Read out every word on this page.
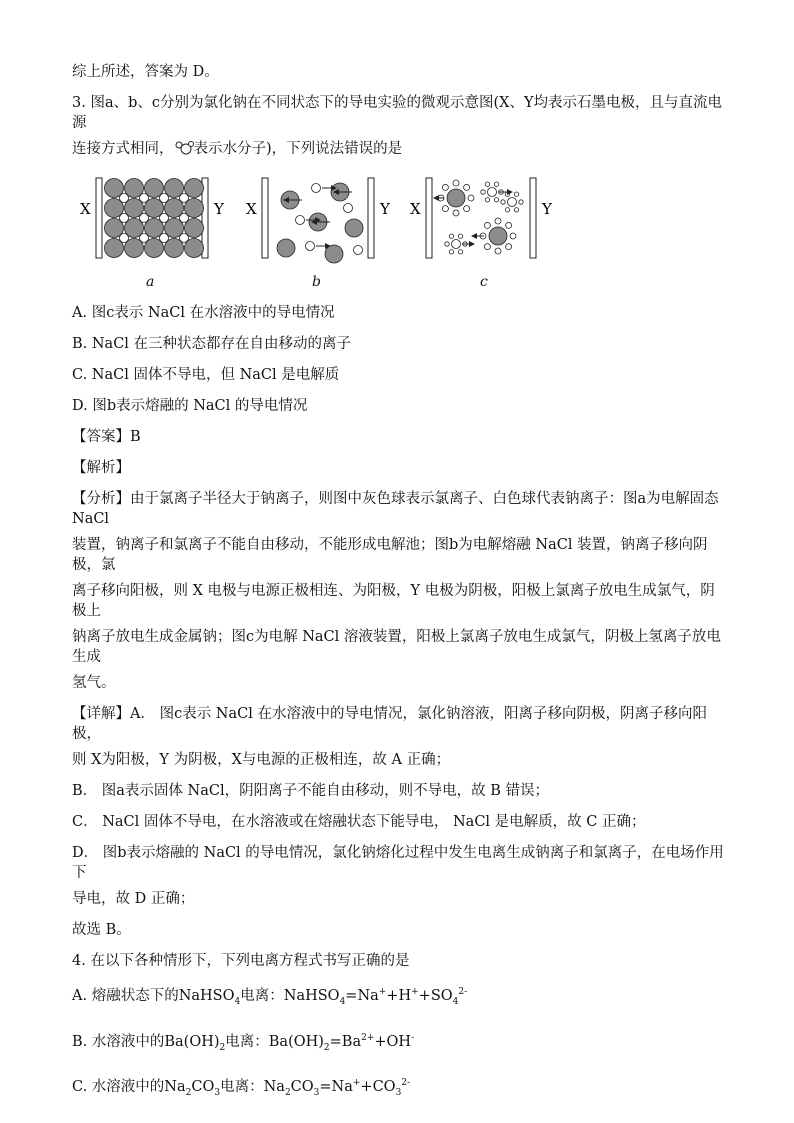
综上所述，答案为 D。

3. 图a、b、c分别为氯化钠在不同状态下的导电实验的微观示意图(X、Y均表示石墨电极，且与直流电源

连接方式相同， 表示水分子)，下列说法错误的是

X	Y X	Y X	Y
a	b	c

A. 图c表示 NaCl 在水溶液中的导电情况

B. NaCl 在三种状态都存在自由移动的离子

C. NaCl 固体不导电，但 NaCl 是电解质

D. 图b表示熔融的 NaCl 的导电情况

【答案】B

【解析】

【分析】由于氯离子半径大于钠离子，则图中灰色球表示氯离子、白色球代表钠离子：图a为电解固态 NaCl

装置，钠离子和氯离子不能自由移动，不能形成电解池；图b为电解熔融 NaCl 装置，钠离子移向阴极，氯

离子移向阳极，则 X 电极与电源正极相连、为阳极，Y 电极为阴极，阳极上氯离子放电生成氯气，阴极上

钠离子放电生成金属钠；图c为电解 NaCl 溶液装置，阳极上氯离子放电生成氯气，阴极上氢离子放电生成

氢气。

【详解】A． 图c表示 NaCl 在水溶液中的导电情况，氯化钠溶液，阳离子移向阴极，阴离子移向阳极，

则 X为阳极，Y 为阴极，X与电源的正极相连，故 A 正确；

B． 图a表示固体 NaCl，阴阳离子不能自由移动，则不导电，故 B 错误；

C． NaCl 固体不导电，在水溶液或在熔融状态下能导电， NaCl 是电解质，故 C 正确；

D． 图b表示熔融的 NaCl 的导电情况，氯化钠熔化过程中发生电离生成钠离子和氯离子，在电场作用下

导电，故 D 正确；

故选 B。

4. 在以下各种情形下，下列电离方程式书写正确的是

A. 熔融状态下的NaHSO$_4$电离：$NaHSO_4=Na^++H^++SO_4^{2-}$

B. 水溶液中的$Ba(OH)_2$电离：$Ba(OH)_2=Ba^{2+}+OH^-$

C. 水溶液中的$Na_2CO_3$电离：$Na_2CO_3=Na^++CO_3^{2-}$
